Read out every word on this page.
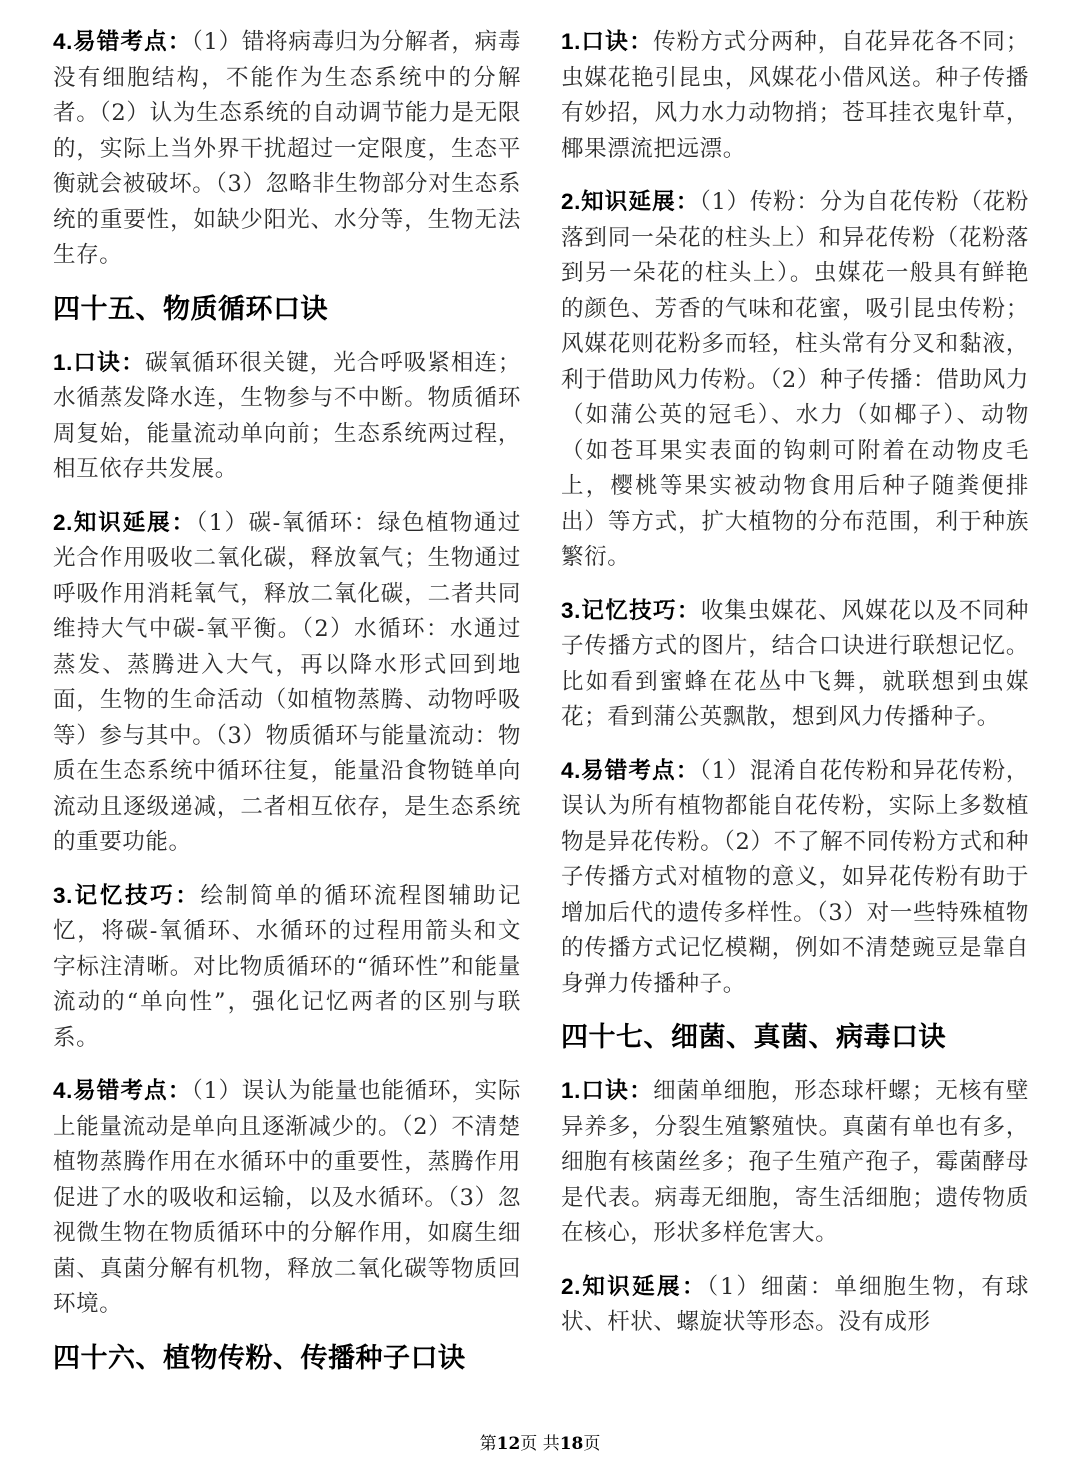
4.易错考点：（1）错将病毒归为分解者，病毒没有细胞结构，不能作为生态系统中的分解者。（2）认为生态系统的自动调节能力是无限的，实际上当外界干扰超过一定限度，生态平衡就会被破坏。（3）忽略非生物部分对生态系统的重要性，如缺少阳光、水分等，生物无法生存。

四十五、物质循环口诀

1.口诀：碳氧循环很关键，光合呼吸紧相连；水循蒸发降水连，生物参与不中断。物质循环周复始，能量流动单向前；生态系统两过程，相互依存共发展。

2.知识延展：（1）碳-氧循环：绿色植物通过光合作用吸收二氧化碳，释放氧气；生物通过呼吸作用消耗氧气，释放二氧化碳，二者共同维持大气中碳-氧平衡。（2）水循环：水通过蒸发、蒸腾进入大气，再以降水形式回到地面，生物的生命活动（如植物蒸腾、动物呼吸等）参与其中。（3）物质循环与能量流动：物质在生态系统中循环往复，能量沿食物链单向流动且逐级递减，二者相互依存，是生态系统的重要功能。

3.记忆技巧：绘制简单的循环流程图辅助记忆，将碳-氧循环、水循环的过程用箭头和文字标注清晰。对比物质循环的“循环性”和能量流动的“单向性”，强化记忆两者的区别与联系。

4.易错考点：（1）误认为能量也能循环，实际上能量流动是单向且逐渐减少的。（2）不清楚植物蒸腾作用在水循环中的重要性，蒸腾作用促进了水的吸收和运输，以及水循环。（3）忽视微生物在物质循环中的分解作用，如腐生细菌、真菌分解有机物，释放二氧化碳等物质回环境。

四十六、植物传粉、传播种子口诀

1.口诀：传粉方式分两种，自花异花各不同；虫媒花艳引昆虫，风媒花小借风送。种子传播有妙招，风力水力动物捎；苍耳挂衣鬼针草，椰果漂流把远漂。

2.知识延展：（1）传粉：分为自花传粉（花粉落到同一朵花的柱头上）和异花传粉（花粉落到另一朵花的柱头上）。虫媒花一般具有鲜艳的颜色、芳香的气味和花蜜，吸引昆虫传粉；风媒花则花粉多而轻，柱头常有分叉和黏液，利于借助风力传粉。（2）种子传播：借助风力（如蒲公英的冠毛）、水力（如椰子）、动物（如苍耳果实表面的钩刺可附着在动物皮毛上，樱桃等果实被动物食用后种子随粪便排出）等方式，扩大植物的分布范围，利于种族繁衍。

3.记忆技巧：收集虫媒花、风媒花以及不同种子传播方式的图片，结合口诀进行联想记忆。比如看到蜜蜂在花丛中飞舞，就联想到虫媒花；看到蒲公英飘散，想到风力传播种子。

4.易错考点：（1）混淆自花传粉和异花传粉，误认为所有植物都能自花传粉，实际上多数植物是异花传粉。（2）不了解不同传粉方式和种子传播方式对植物的意义，如异花传粉有助于增加后代的遗传多样性。（3）对一些特殊植物的传播方式记忆模糊，例如不清楚豌豆是靠自身弹力传播种子。

四十七、细菌、真菌、病毒口诀

1.口诀：细菌单细胞，形态球杆螺；无核有壁异养多，分裂生殖繁殖快。真菌有单也有多，细胞有核菌丝多；孢子生殖产孢子，霉菌酵母是代表。病毒无细胞，寄生活细胞；遗传物质在核心，形状多样危害大。

2.知识延展：（1）细菌：单细胞生物，有球状、杆状、螺旋状等形态。没有成形

第12页 共18页
